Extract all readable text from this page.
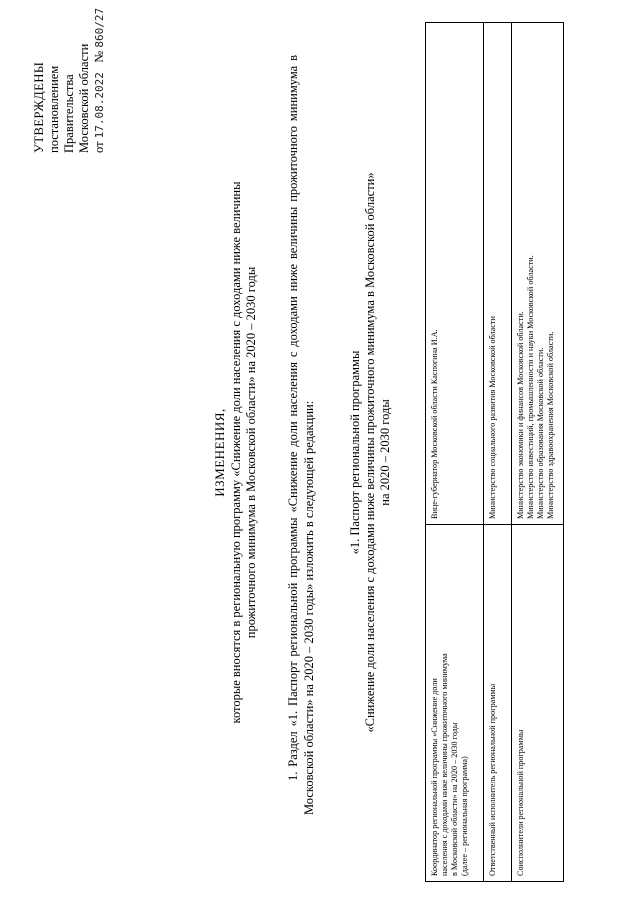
УТВЕРЖДЕНЫ постановлением Правительства Московской области от 17.08.2022   № 860/27
ИЗМЕНЕНИЯ, которые вносятся в региональную программу «Снижение доли населения с доходами ниже величины прожиточного минимума в Московской области» на 2020 – 2030 годы 1. Раздел «1. Паспорт региональной программы «Снижение доли населения с доходами ниже величины прожиточного минимума в Московской области» на 2020 – 2030 годы» изложить в следующей редакции:	«1. Паспорт региональной программы «Снижение доли населения с доходами ниже величины прожиточного минимума в Московской области» на 2020 – 2030 годы
Координатор региональной программы «Снижение доли населения с доходами ниже величины прожиточного минимума в Московской области» на 2020 – 2030 годы (далее – региональная программа)	Вице-губернатор Московской области Каспогина И.А.

Ответственный исполнитель региональной программы	Министерство социального развития Московской области

Соисполнители региональной программы	Министерство экономики и финансов Московской области. Министерство инвестиций, промышленности и науки Московской области. Министерство образования Московской области. Министерство здравоохранения Московской области.
